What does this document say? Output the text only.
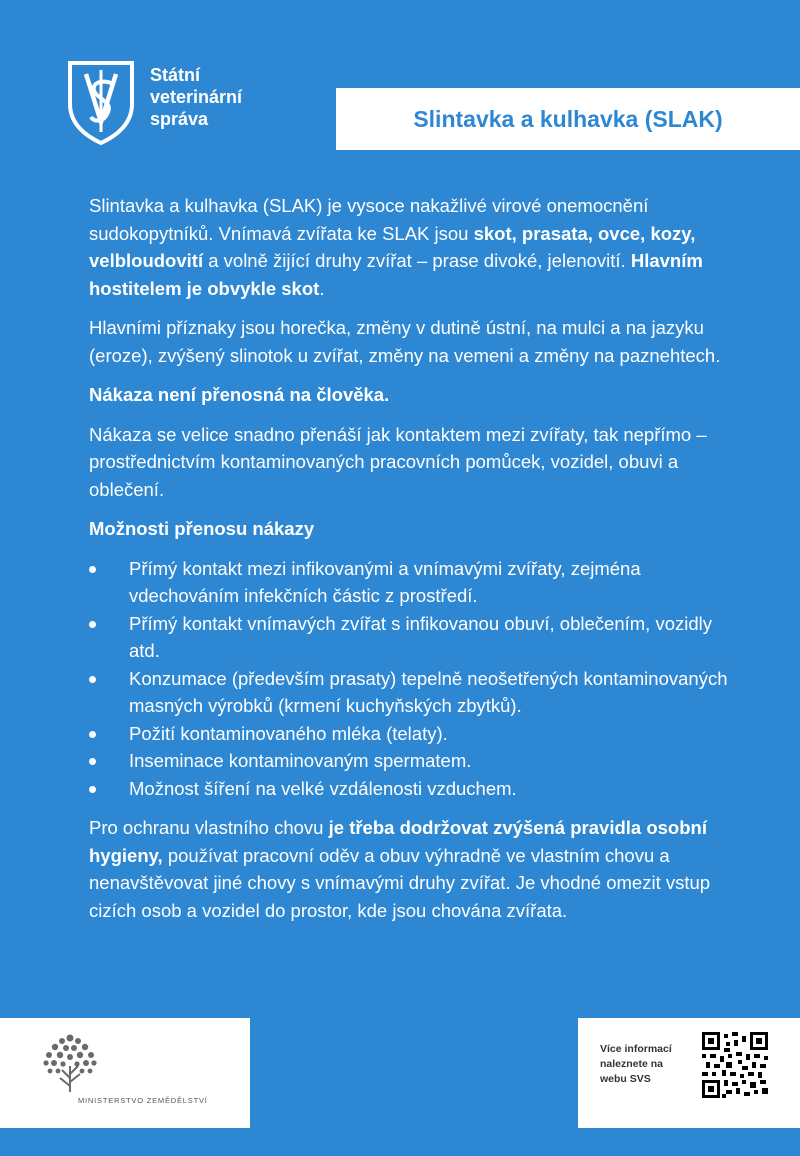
Státní
veterinární
správa	Slintavka a kulhavka (SLAK)

Slintavka a kulhavka (SLAK) je vysoce nakažlivé virové onemocnění sudokopytníků. Vnímavá zvířata ke SLAK jsou skot, prasata, ovce, kozy, velbloudovití a volně žijící druhy zvířat – prase divoké, jelenovití. Hlavním hostitelem je obvykle skot.

Hlavními příznaky jsou horečka, změny v dutině ústní, na mulci a na jazyku (eroze), zvýšený slinotok u zvířat, změny na vemeni a změny na paznehtech.

Nákaza není přenosná na člověka.

Nákaza se velice snadno přenáší jak kontaktem mezi zvířaty, tak nepřímo – prostřednictvím kontaminovaných pracovních pomůcek, vozidel, obuvi a oblečení.

Možnosti přenosu nákazy

Přímý kontakt mezi infikovanými a vnímavými zvířaty, zejména vdechováním infekčních částic z prostředí.
Přímý kontakt vnímavých zvířat s infikovanou obuví, oblečením, vozidly atd.
Konzumace (především prasaty) tepelně neošetřených kontaminovaných masných výrobků (krmení kuchyňských zbytků).
Požití kontaminovaného mléka (telaty).
Inseminace kontaminovaným spermatem.
Možnost šíření na velké vzdálenosti vzduchem.

Pro ochranu vlastního chovu je třeba dodržovat zvýšená pravidla osobní hygieny, používat pracovní oděv a obuv výhradně ve vlastním chovu a nenavštěvovat jiné chovy s vnímavými druhy zvířat. Je vhodné omezit vstup cizích osob a vozidel do prostor, kde jsou chována zvířata.

MINISTERSTVO ZEMĚDĚLSTVÍ
Více informací
naleznete na
webu SVS
